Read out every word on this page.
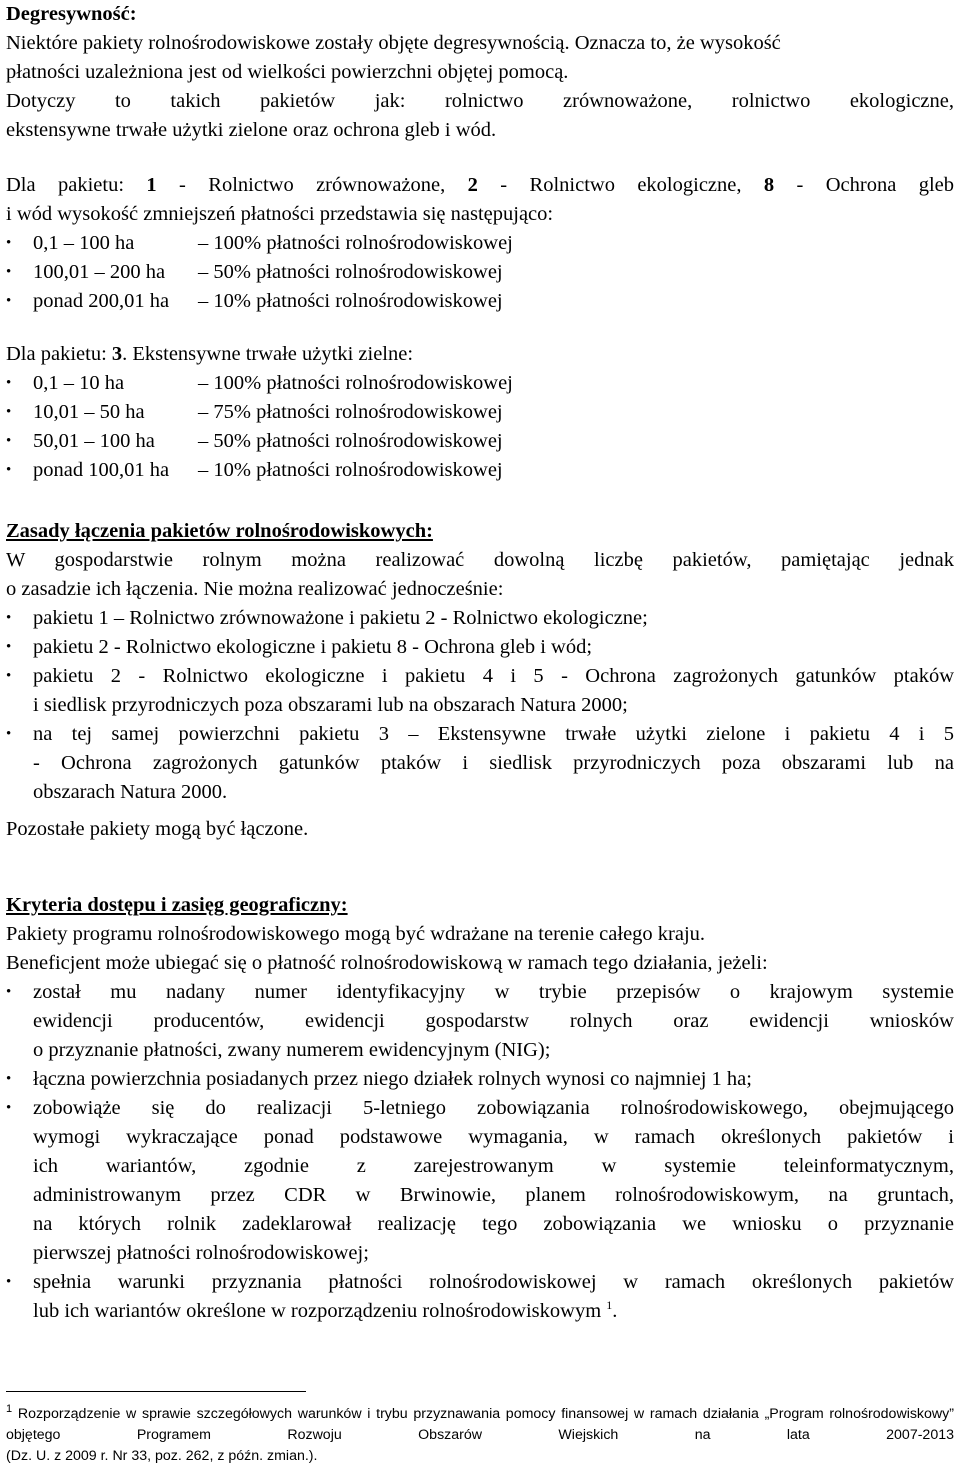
Degresywność:
Niektóre pakiety rolnośrodowiskowe zostały objęte degresywnością. Oznacza to, że wysokość
płatności uzależniona jest od wielkości powierzchni objętej pomocą.
Dotyczy to takich pakietów jak: rolnictwo zrównoważone, rolnictwo ekologiczne,
ekstensywne trwałe użytki zielone oraz ochrona gleb i wód.
Dla pakietu: 1 - Rolnictwo zrównoważone, 2 - Rolnictwo ekologiczne, 8 - Ochrona gleb
i wód wysokość zmniejszeń płatności przedstawia się następująco:
•	0,1 – 100 ha	– 100% płatności rolnośrodowiskowej
•	100,01 – 200 ha	– 50% płatności rolnośrodowiskowej
•	ponad 200,01 ha	– 10% płatności rolnośrodowiskowej
Dla pakietu: 3. Ekstensywne trwałe użytki zielne:
•	0,1 – 10 ha	– 100% płatności rolnośrodowiskowej
•	10,01 – 50 ha	– 75% płatności rolnośrodowiskowej
•	50,01 – 100 ha	– 50% płatności rolnośrodowiskowej
•	ponad 100,01 ha	– 10% płatności rolnośrodowiskowej
Zasady łączenia pakietów rolnośrodowiskowych:
W gospodarstwie rolnym można realizować dowolną liczbę pakietów, pamiętając jednak
o zasadzie ich łączenia. Nie można realizować jednocześnie:
•	pakietu 1 – Rolnictwo zrównoważone i pakietu 2 - Rolnictwo ekologiczne;
•	pakietu 2 - Rolnictwo ekologiczne i pakietu 8 - Ochrona gleb i wód;
•	pakietu 2 - Rolnictwo ekologiczne i pakietu 4 i 5 - Ochrona zagrożonych gatunków ptaków
i siedlisk przyrodniczych poza obszarami lub na obszarach Natura 2000;
•	na tej samej powierzchni pakietu 3 – Ekstensywne trwałe użytki zielone i pakietu 4 i 5
- Ochrona zagrożonych gatunków ptaków i siedlisk przyrodniczych poza obszarami lub na
obszarach Natura 2000.
Pozostałe pakiety mogą być łączone.
Kryteria dostępu i zasięg geograficzny:
Pakiety programu rolnośrodowiskowego mogą być wdrażane na terenie całego kraju.
Beneficjent może ubiegać się o płatność rolnośrodowiskową w ramach tego działania, jeżeli:
•	został mu nadany numer identyfikacyjny w trybie przepisów o krajowym systemie
ewidencji producentów, ewidencji gospodarstw rolnych oraz ewidencji wniosków
o przyznanie płatności, zwany numerem ewidencyjnym (NIG);
•	łączna powierzchnia posiadanych przez niego działek rolnych wynosi co najmniej 1 ha;
•	zobowiąże się do realizacji 5-letniego zobowiązania rolnośrodowiskowego, obejmującego
wymogi wykraczające ponad podstawowe wymagania, w ramach określonych pakietów i
ich wariantów, zgodnie z zarejestrowanym w systemie teleinformatycznym,
administrowanym przez CDR w Brwinowie, planem rolnośrodowiskowym, na gruntach,
na których rolnik zadeklarował realizację tego zobowiązania we wniosku o przyznanie
pierwszej płatności rolnośrodowiskowej;
•	spełnia warunki przyznania płatności rolnośrodowiskowej w ramach określonych pakietów
lub ich wariantów określone w rozporządzeniu rolnośrodowiskowym $^1$.
$^1$ Rozporządzenie w sprawie szczegółowych warunków i trybu przyznawania pomocy finansowej w ramach działania „Program rolnośrodowiskowy”
objętego Programem Rozwoju Obszarów Wiejskich na lata 2007-2013
(Dz. U. z 2009 r. Nr 33, poz. 262, z późn. zmian.).
